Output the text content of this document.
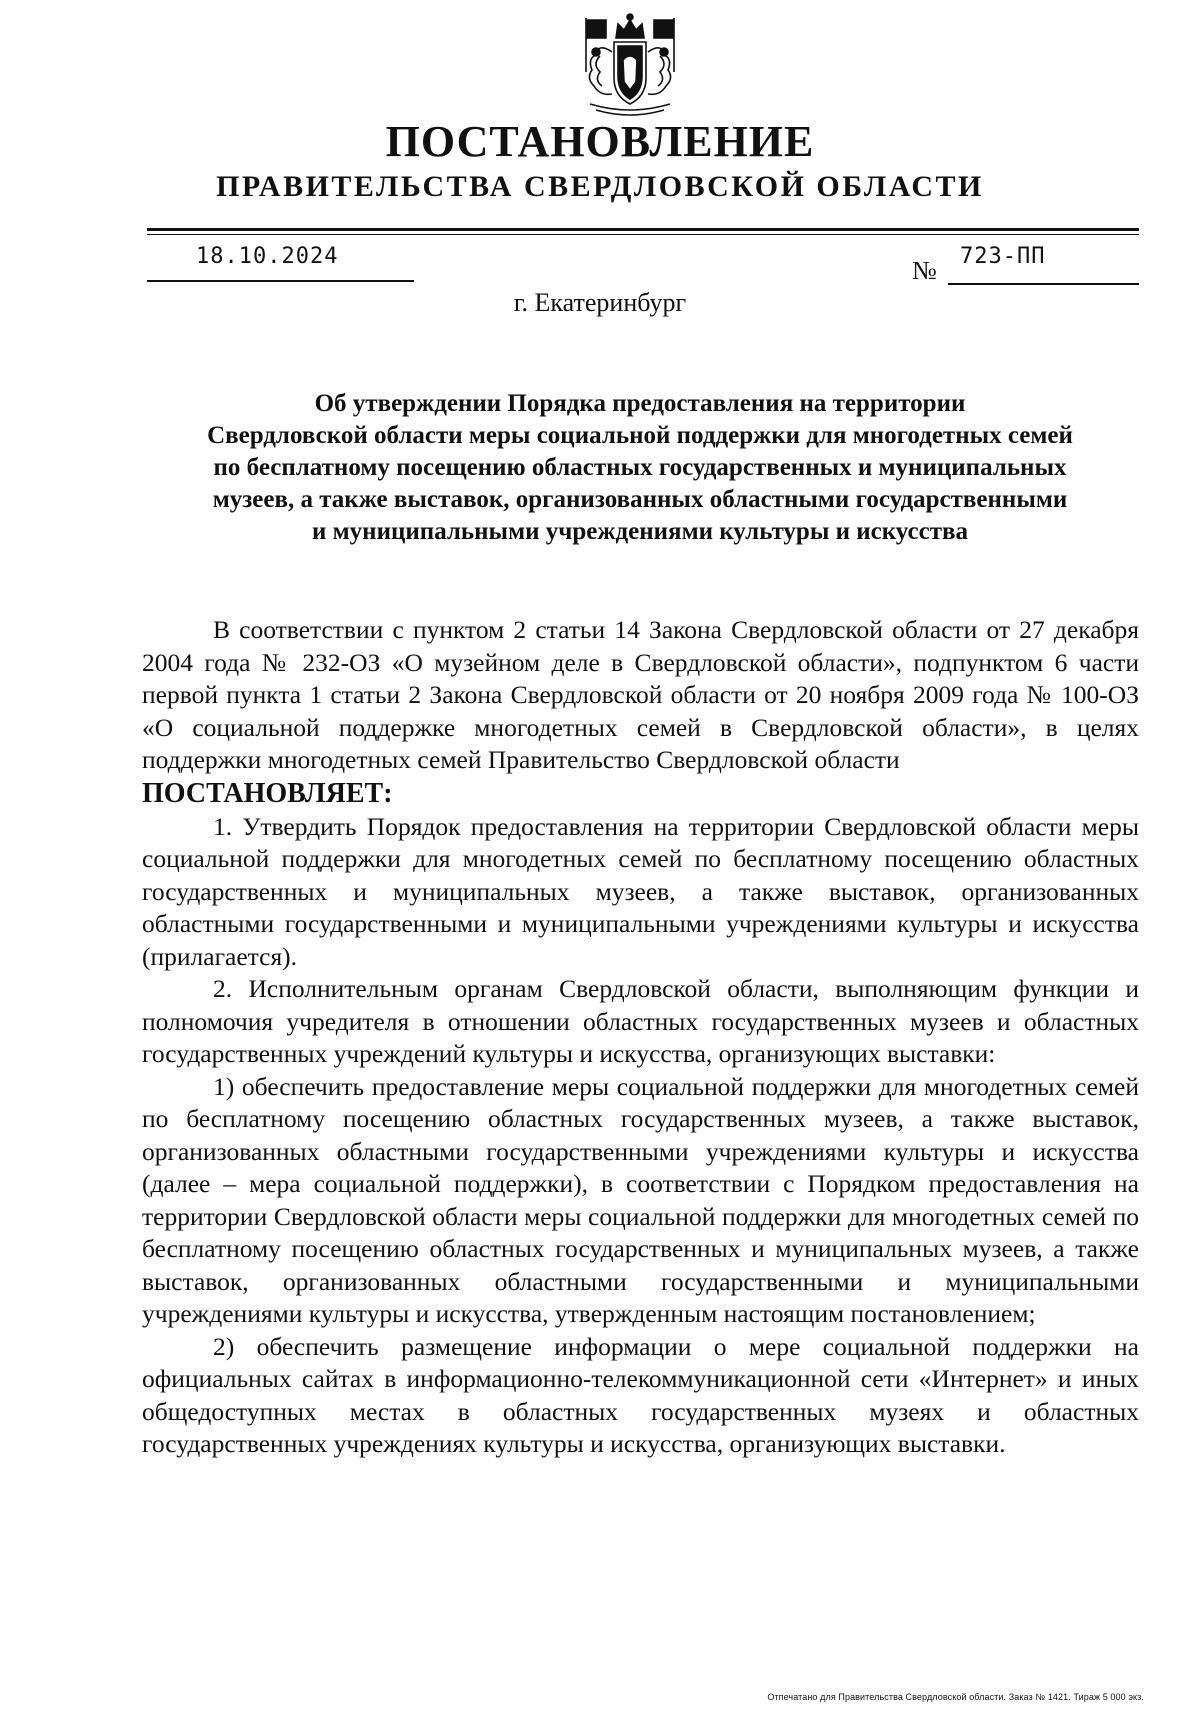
ПОСТАНОВЛЕНИЕ
ПРАВИТЕЛЬСТВА СВЕРДЛОВСКОЙ ОБЛАСТИ
18.10.2024	№ 723-ПП
г. Екатеринбург
Об утверждении Порядка предоставления на территории
Свердловской области меры социальной поддержки для многодетных семей
по бесплатному посещению областных государственных и муниципальных
музеев, а также выставок, организованных областными государственными
и муниципальными учреждениями культуры и искусства

В соответствии с пунктом 2 статьи 14 Закона Свердловской области от 27 декабря 2004 года № 232-ОЗ «О музейном деле в Свердловской области», подпунктом 6 части первой пункта 1 статьи 2 Закона Свердловской области от 20 ноября 2009 года № 100-ОЗ «О социальной поддержке многодетных семей в Свердловской области», в целях поддержки многодетных семей Правительство Свердловской области

ПОСТАНОВЛЯЕТ:

1. Утвердить Порядок предоставления на территории Свердловской области меры социальной поддержки для многодетных семей по бесплатному посещению областных государственных и муниципальных музеев, а также выставок, организованных областными государственными и муниципальными учреждениями культуры и искусства (прилагается).

2. Исполнительным органам Свердловской области, выполняющим функции и полномочия учредителя в отношении областных государственных музеев и областных государственных учреждений культуры и искусства, организующих выставки:

1) обеспечить предоставление меры социальной поддержки для многодетных семей по бесплатному посещению областных государственных музеев, а также выставок, организованных областными государственными учреждениями культуры и искусства (далее – мера социальной поддержки), в соответствии с Порядком предоставления на территории Свердловской области меры социальной поддержки для многодетных семей по бесплатному посещению областных государственных и муниципальных музеев, а также выставок, организованных областными государственными и муниципальными учреждениями культуры и искусства, утвержденным настоящим постановлением;

2) обеспечить размещение информации о мере социальной поддержки на официальных сайтах в информационно-телекоммуникационной сети «Интернет» и иных общедоступных местах в областных государственных музеях и областных государственных учреждениях культуры и искусства, организующих выставки.

Отпечатано для Правительства Свердловской области. Заказ № 1421. Тираж 5 000 экз.
